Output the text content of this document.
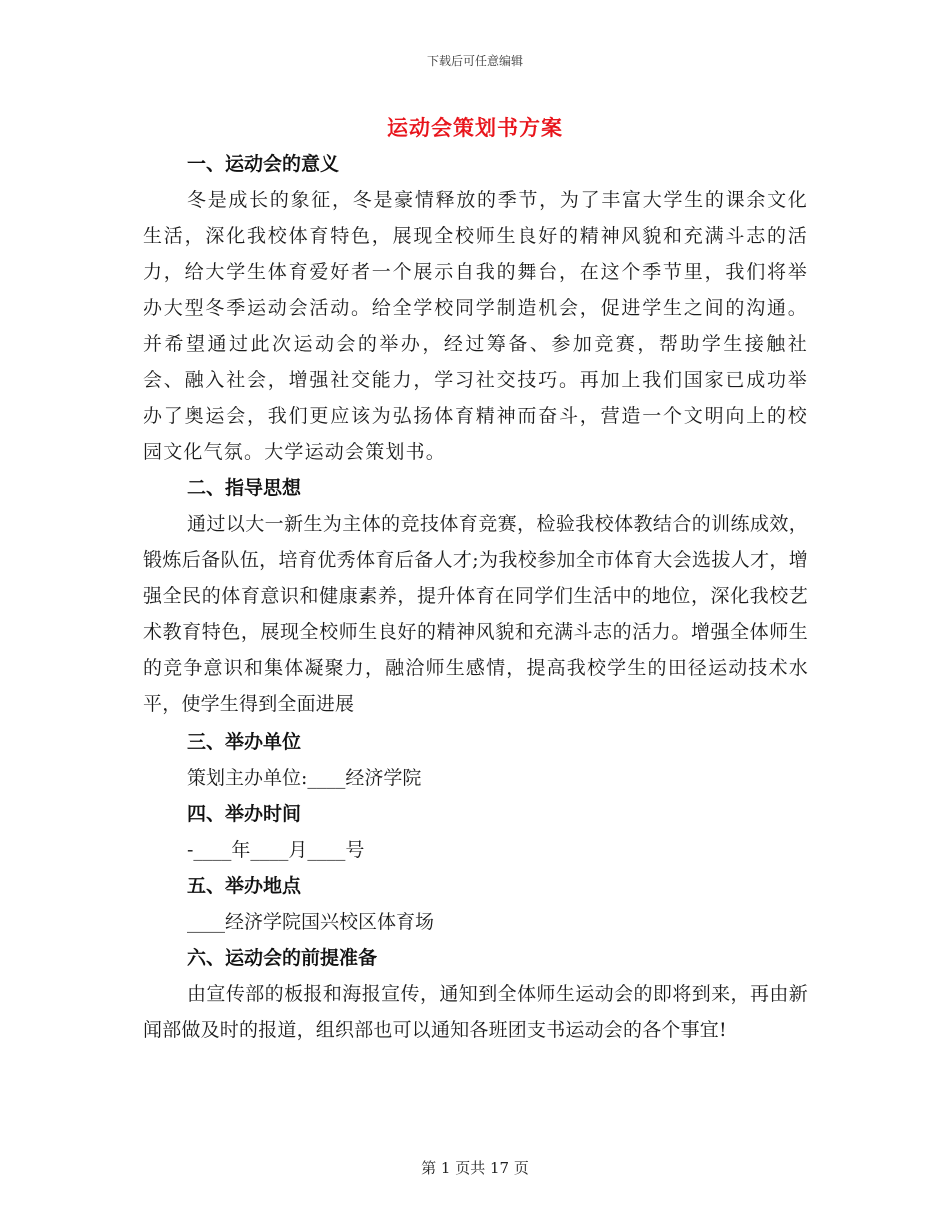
下载后可任意编辑
运动会策划书方案
一、运动会的意义

冬是成长的象征，冬是豪情释放的季节，为了丰富大学生的课余文化生活，深化我校体育特色，展现全校师生良好的精神风貌和充满斗志的活力，给大学生体育爱好者一个展示自我的舞台，在这个季节里，我们将举办大型冬季运动会活动。给全学校同学制造机会，促进学生之间的沟通。并希望通过此次运动会的举办，经过筹备、参加竞赛，帮助学生接触社会、融入社会，增强社交能力，学习社交技巧。再加上我们国家已成功举办了奥运会，我们更应该为弘扬体育精神而奋斗，营造一个文明向上的校园文化气氛。大学运动会策划书。

二、指导思想

通过以大一新生为主体的竞技体育竞赛，检验我校体教结合的训练成效，锻炼后备队伍，培育优秀体育后备人才;为我校参加全市体育大会选拔人才，增强全民的体育意识和健康素养，提升体育在同学们生活中的地位，深化我校艺术教育特色，展现全校师生良好的精神风貌和充满斗志的活力。增强全体师生的竞争意识和集体凝聚力，融洽师生感情，提高我校学生的田径运动技术水平，使学生得到全面进展

三、举办单位
策划主办单位:____经济学院
四、举办时间
-____年____月____号
五、举办地点
____经济学院国兴校区体育场
六、运动会的前提准备

由宣传部的板报和海报宣传，通知到全体师生运动会的即将到来，再由新闻部做及时的报道，组织部也可以通知各班团支书运动会的各个事宜!

第 1 页共 17 页
